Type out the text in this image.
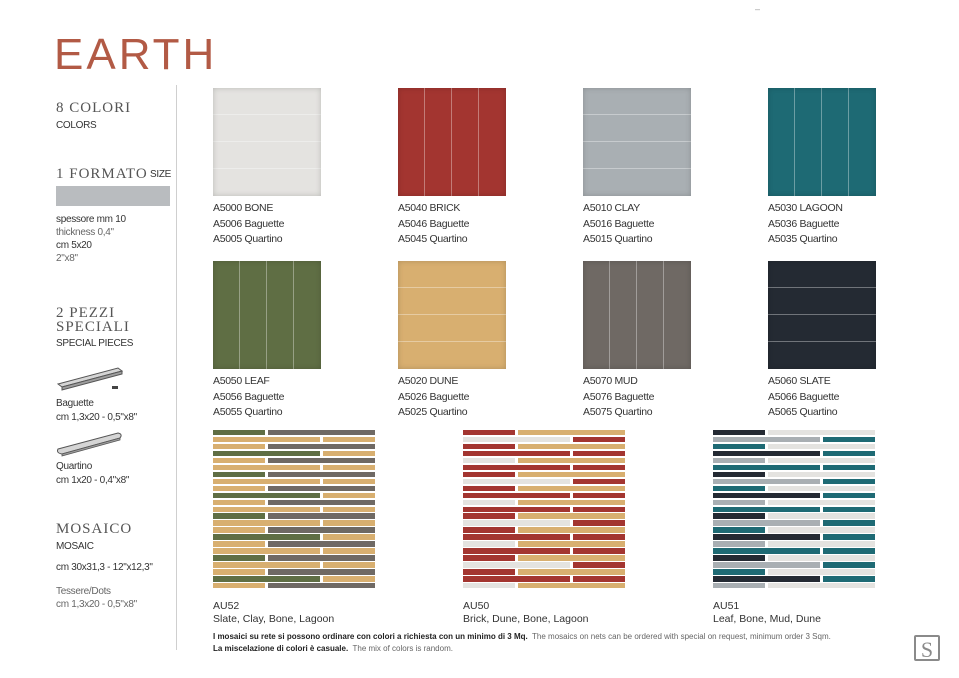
–
EARTH
8 COLORI
COLORS
1 FORMATO SIZE
spessore mm 10
thickness 0,4"
cm 5x20
2"x8"
2 PEZZI
SPECIALI
SPECIAL PIECES
Baguette
cm 1,3x20 - 0,5"x8"
Quartino
cm 1x20 - 0,4"x8"
MOSAICO
MOSAIC
cm 30x31,3 - 12"x12,3"
Tessere/Dots
cm 1,3x20 - 0,5"x8"
A5000 BONE
A5006 Baguette
A5005 Quartino
A5040 BRICK
A5046 Baguette
A5045 Quartino
A5010 CLAY
A5016 Baguette
A5015 Quartino
A5030 LAGOON
A5036 Baguette
A5035 Quartino
A5050 LEAF
A5056 Baguette
A5055 Quartino
A5020 DUNE
A5026 Baguette
A5025 Quartino
A5070 MUD
A5076 Baguette
A5075 Quartino
A5060 SLATE
A5066 Baguette
A5065 Quartino
AU52
Slate, Clay, Bone, Lagoon
AU50
Brick, Dune, Bone, Lagoon
AU51
Leaf, Bone, Mud, Dune
I mosaici su rete si possono ordinare con colori a richiesta con un minimo di 3 Mq. The mosaics on nets can be ordered with special on request, minimum order 3 Sqm.
La miscelazione di colori è casuale. The mix of colors is random.	S
